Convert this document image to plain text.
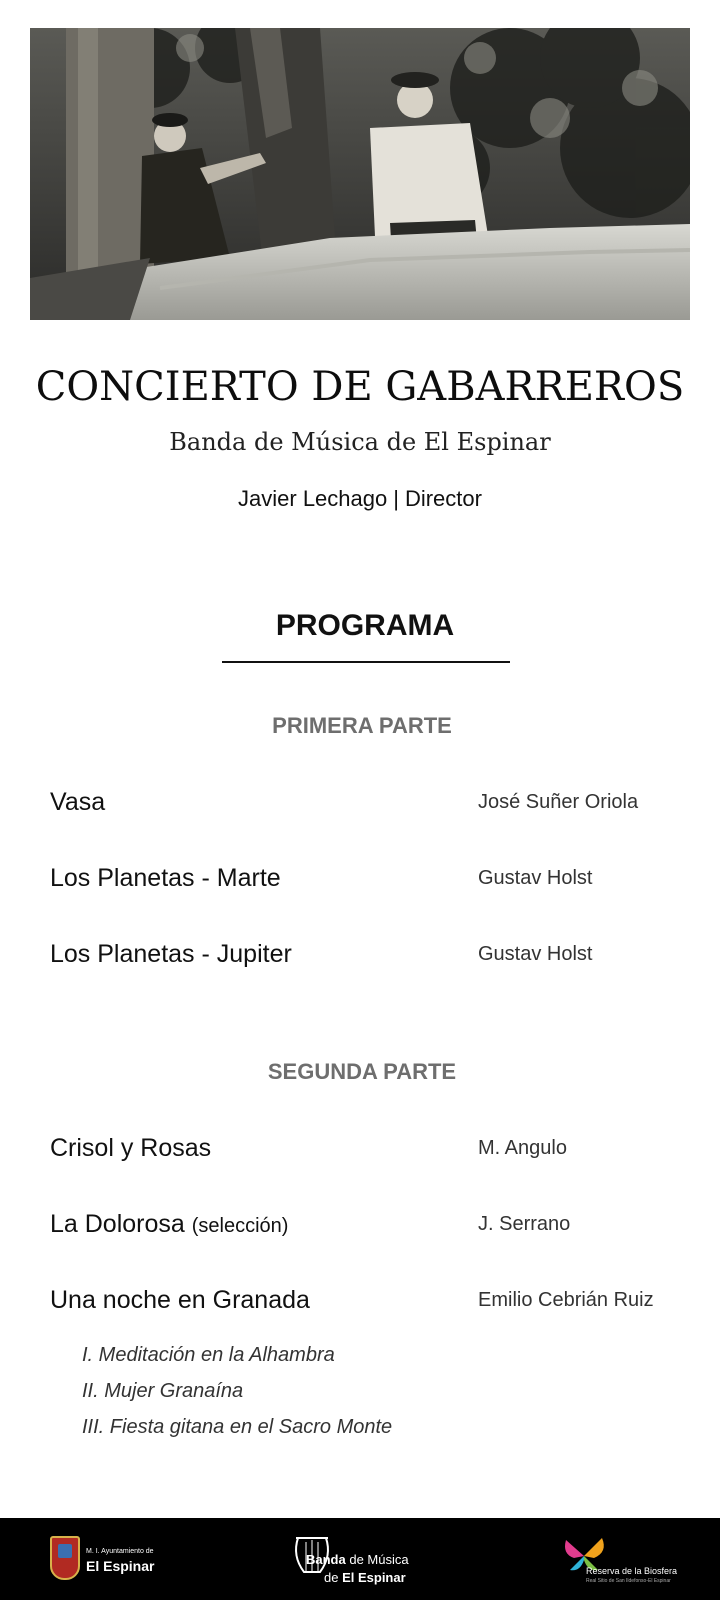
CONCIERTO DE GABARREROS
Banda de Música de El Espinar
Javier Lechago | Director
PROGRAMA
PRIMERA PARTE
Vasa	José Suñer Oriola
Los Planetas - Marte	Gustav Holst
Los Planetas - Jupiter	Gustav Holst
SEGUNDA PARTE
Crisol y Rosas	M. Angulo
La Dolorosa (selección)	J. Serrano
Una noche en Granada	Emilio Cebrián Ruiz
I. Meditación en la Alhambra
II. Mujer Granaína
III. Fiesta gitana en el Sacro Monte
M. I. Ayuntamiento de
El Espinar	Banda de Música
de El Espinar	Reserva de la Biosfera
Real Sitio de San Ildefonso-El Espinar
